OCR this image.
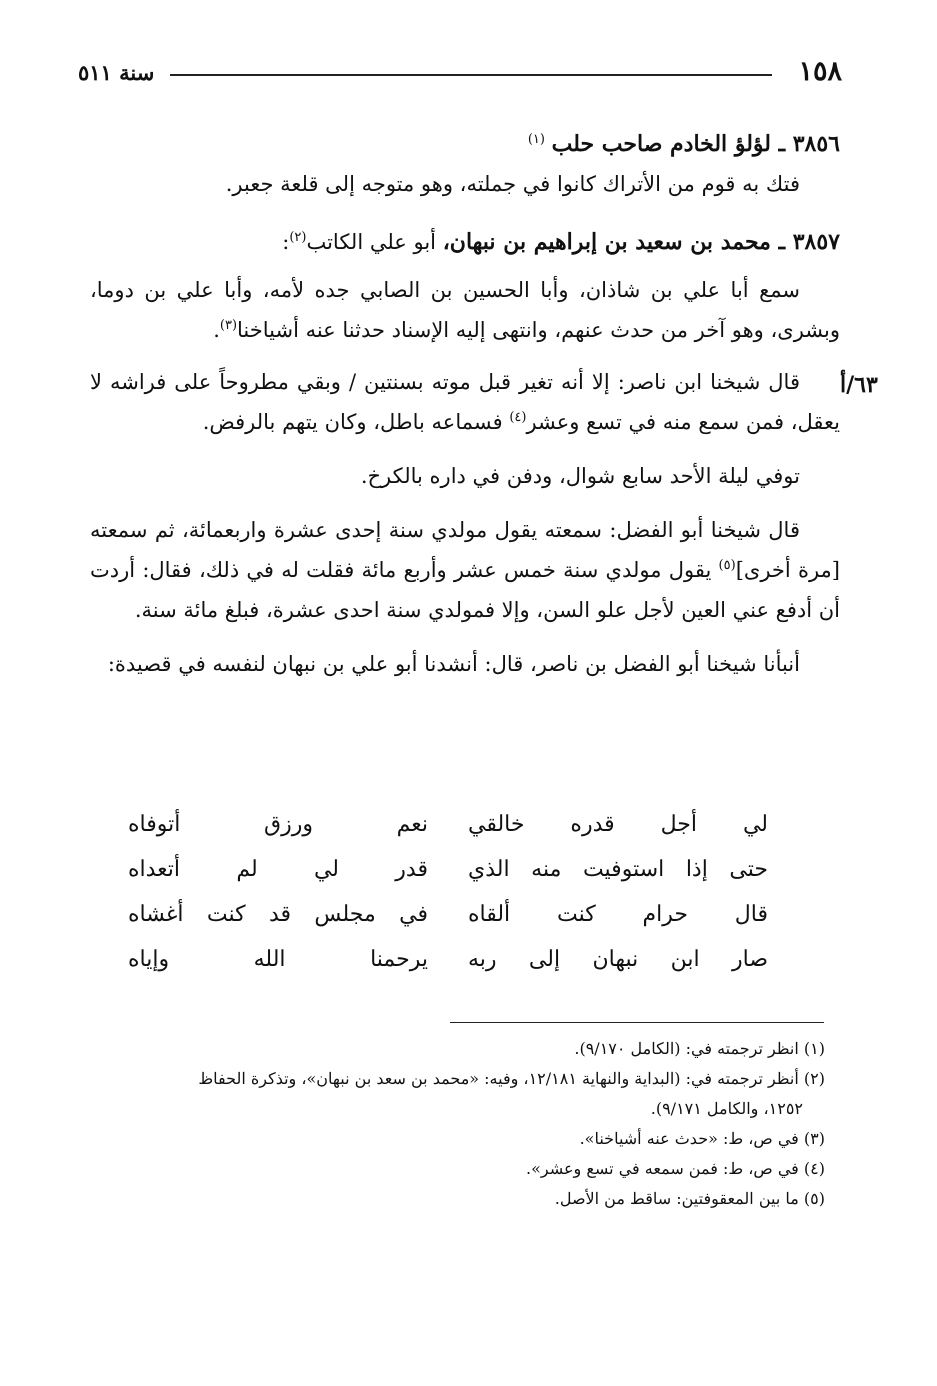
١٥٨
سنة ٥١١
٣٨٥٦ ـ لؤلؤ الخادم صاحب حلب $^{(١)}$
فتك به قوم من الأتراك كانوا في جملته، وهو متوجه إلى قلعة جعبر.
٣٨٥٧ ـ محمد بن سعيد بن إبراهيم بن نبهان، أبو علي الكاتب$^{(٢)}$:
سمع أبا علي بن شاذان، وأبا الحسين بن الصابي جده لأمه، وأبا علي بن دوما، وبشرى، وهو آخر من حدث عنهم، وانتهى إليه الإسناد حدثنا عنه أشياخنا$^{(٣)}$.
قال شيخنا ابن ناصر: إلا أنه تغير قبل موته بسنتين / وبقي مطروحاً على فراشه لا يعقل، فمن سمع منه في تسع وعشر$^{(٤)}$ فسماعه باطل، وكان يتهم بالرفض.
توفي ليلة الأحد سابع شوال، ودفن في داره بالكرخ.
قال شيخنا أبو الفضل: سمعته يقول مولدي سنة إحدى عشرة واربعمائة، ثم سمعته [مرة أخرى]$^{(٥)}$ يقول مولدي سنة خمس عشر وأربع مائة فقلت له في ذلك، فقال: أردت أن أدفع عني العين لأجل علو السن، وإلا فمولدي سنة احدى عشرة، فبلغ مائة سنة.
أنبأنا شيخنا أبو الفضل بن ناصر، قال: أنشدنا أبو علي بن نبهان لنفسه في قصيدة:
٦٣/أ
لي أجل قدره خالقي
نعم ورزق أتوفاه
حتى إذا استوفيت منه الذي
قدر لي لم أتعداه
قال حرام كنت ألقاه
في مجلس قد كنت أغشاه
صار ابن نبهان إلى ربه
يرحمنا الله وإياه
(١) انظر ترجمته في: (الكامل ٩/١٧٠).
(٢) أنظر ترجمته في: (البداية والنهاية ١٢/١٨١، وفيه: «محمد بن سعد بن نبهان»، وتذكرة الحفاظ
١٢٥٢، والكامل ٩/١٧١).
(٣) في ص، ط: «حدث عنه أشياخنا».
(٤) في ص، ط: فمن سمعه في تسع وعشر».
(٥) ما بين المعقوفتين: ساقط من الأصل.
